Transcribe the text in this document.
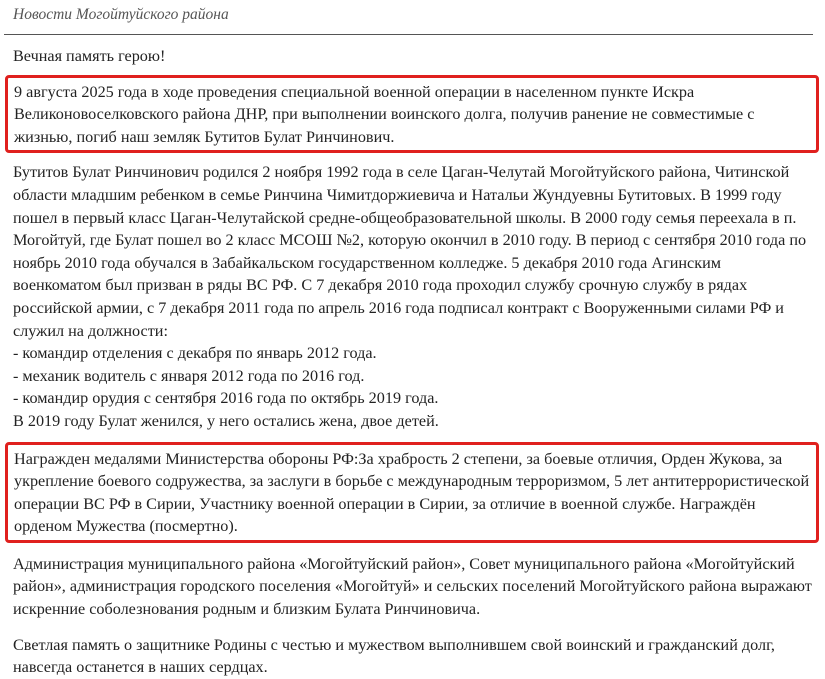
Новости Могойтуйского района

Вечная память герою!

9 августа 2025 года в ходе проведения специальной военной операции в населенном пункте Искра Великоновоселковского района ДНР, при выполнении воинского долга, получив ранение не совместимые с жизнью, погиб наш земляк Бутитов Булат Ринчинович.

Бутитов Булат Ринчинович родился 2 ноября 1992 года в селе Цаган-Челутай Могойтуйского района, Читинской области младшим ребенком в семье Ринчина Чимитдоржиевича и Натальи Жундуевны Бутитовых. В 1999 году пошел в первый класс Цаган-Челутайской средне-общеобразовательной школы. В 2000 году семья переехала в п. Могойтуй, где Булат пошел во 2 класс МСОШ №2, которую окончил в 2010 году. В период с сентября 2010 года по ноябрь 2010 года обучался в Забайкальском государственном колледже. 5 декабря 2010 года Агинским военкоматом был призван в ряды ВС РФ. С 7 декабря 2010 года проходил службу срочную службу в рядах российской армии, с 7 декабря 2011 года по апрель 2016 года подписал контракт с Вооруженными силами РФ и служил на должности:

- командир отделения с декабря по январь 2012 года.
- механик водитель с января 2012 года по 2016 год.
- командир орудия с сентября 2016 года по октябрь 2019 года.
В 2019 году Булат женился, у него остались жена, двое детей.

Награжден медалями Министерства обороны РФ:За храбрость 2 степени, за боевые отличия, Орден Жукова, за укрепление боевого содружества, за заслуги в борьбе с международным терроризмом, 5 лет антитеррористической операции ВС РФ в Сирии, Участнику военной операции в Сирии, за отличие в военной службе. Награждён орденом Мужества (посмертно).

Администрация муниципального района «Могойтуйский район», Совет муниципального района «Могойтуйский район», администрация городского поселения «Могойтуй» и сельских поселений Могойтуйского района выражают искренние соболезнования родным и близким Булата Ринчиновича.

Светлая память о защитнике Родины с честью и мужеством выполнившем свой воинский и гражданский долг, навсегда останется в наших сердцах.
